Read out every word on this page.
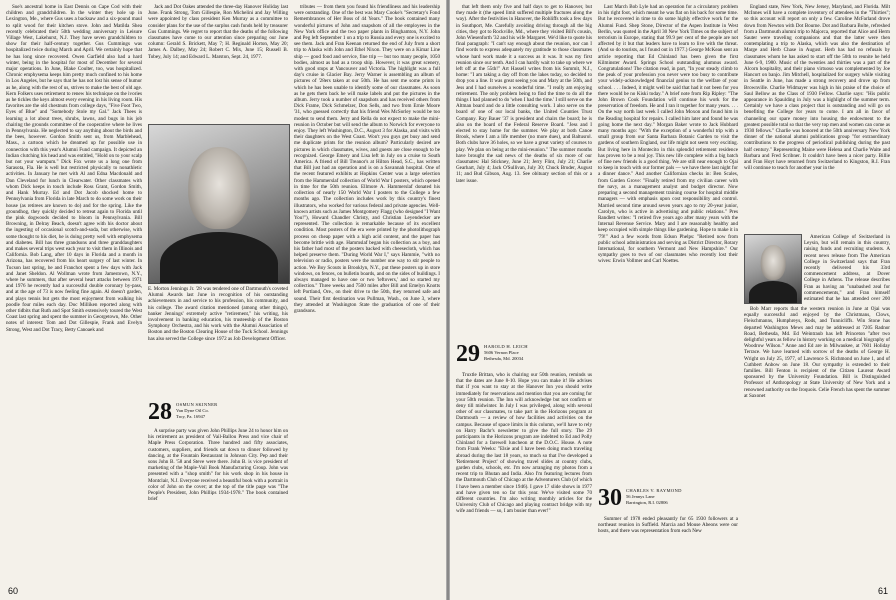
Sue's ancestral home in East Dennis on Cape Cod with their children and grandchildren. In the winter they hole up in Lexington, Me., where Gus uses a backsaw and a six-pound maul to split wood for their kitchen stove. John and Matilda Shea recently celebrated their 50th wedding anniversary in Leisure Village West, Lakehurst, N.J. They have seven grandchildren to show for their half-century together. Gus Cummings was hospitalized twice during March and April. We certainly hope that he has long since recovered. Owen Garfield also had a hard winter, being in the hospital for most of December for several major operations. In June, Blake Coulter, too, was hospitalized. Chronic emphysema keeps him pretty much confined to his home in Los Angeles, but he says that he has not lost his sense of humor as he, along with the rest of us, strives to make the best of old age. Kern Folkers uses retirement to renew his technique on the ivories as he tickles the keys almost every evening in his living room. His favorites are the old chestnuts from college days, "Five Foot Two, Eyes of Blue" and "Somebody Stole my Gal." Jack Thees is learning a lot about trees, shrubs, lawns, and bugs in his job chairing the grounds committee of the cooperative where he lives in Pennsylvania. He neglected to say anything about the birds and the bees, however. Gordon Smith sent us, from Marblehead, Mass., a cartoon which he dreamed up for possible use in connection with this year's Alumni Fund campaign. It depicted an Indian clutching his head and was entitled, "Hold on to your scalp but not your wampum." Dick Fox wrote us a long one from Sarasota, Fla. He is well but restricted physically to nonathletic activities. In January he met with Al and Edna Macdonald and Dan Cleveland for lunch in Clearwater. Other classmates with whom Dick keeps in touch include Ross Grant, Gordon Smith, and Hank Murray. Ed and Dot Jacob shocked home to Pennsylvania from Florida in late March to do some work on their house (as retirees are known to do) and for the spring. Like the groundhog, they quickly decided to retreat again to Florida until the pink dogwoods decided to bloom in Pennsylvania. Bill Browning, in Delray Beach, doesn't agree with his doctor about the ingesting of occasional scotch-and-soda, but otherwise, with some thought to his diet, he is doing pretty well with emphysema and diabetes. Bill has three grandsons and three granddaughters and makes several trips west each year to visit them in Illinois and California. Bob Lang, after 10 days in Florida and a month in Arizona, has recovered from his heart surgery of last winter. In Tucson last spring, he and Franchot spent a few days with Jack and Janet Sheldon. Al Wollman wrote from Jamestown, N.Y., where he summers, that after several heart attacks between 1971 and 1976 he recently had a successful double coronary by-pass, and at the age of 73 is now feeling fine again. Al doesn't garden, and plays tennis but gets the most enjoyment from walking his poodle four miles each day. Doc Milliken reported along with other tidbits that Ruth and Spot Smith extensively toured the West Coast last spring and spent the summer in Georgetown, Me. Other notes of interest: Tom and Dot Gillespie, Frank and Evelyn Strong, West and Dot Tracy, Betty Canoaek and

Jack and Dot Oakes attended the three-day Hanover Holiday last June. Frank Strong, Tom Gillespie, Ron Michelini and Jay Willing were appointed by class president Ken Murray as a committee to consider plans for the use of the surplus cash funds held by treasurer Gus Cummings. We regret to report that the deaths of the following classmates have come to our attention since preparing our June column: Gerald S. Brickett, May 7; H. Reginald Horton, May 20; James A. Dalbey, May 24; Robert C. Mix, June 15; Russell B. Tobey, July 14; and Edward L. Marston, Sept. 24, 1977.

E. Morton Jennings Jr. '28 was tendered one of Dartmouth's coveted Alumni Awards last June in recognition of his outstanding achievements in and service to his profession, his community, and his college. The award citation mentioned (among other things), banker Jennings' extremely active "retirement," his writing, his involvement in banking education, his trusteeship of the Boston Symphony Orchestra, and his work with the Alumni Association of Boston and the Boston Clearing House of the Tuck School. Jennings has also served the College since 1972 as Job Development Officer.

28 OSMUN SKINNER
Van Dyne Oil Co.
Troy, Pa. 16947

A surprise party was given John Phillips June 24 to honor him on his retirement as president of Vail-Ballou Press and vice chair of Maple Press Corporation. Three hundred and fifty associates, customers, suppliers, and friends sat down to dinner followed by dancing, at the Fountain Restaurant in Johnson City. Pep and their sons John B. '58 and Steve were there. John B. is vice president of marketing of the Maple-Vail Book Manufacturing Group. John was presented with a "shop smith" for his work shop in his house in Montclair, N.J. Everyone received a beautiful book with a portrait in color of John on the cover; at the top of the title page was "The People's President, John Phillips 1934-1978." The book contained brief

tributes — from them you found his friendliness and his leadership were outstanding. One of the best was Mary Cooke's "Secretary's Fond Remembrances of Her Boss of 44 Years." The book contained many wonderful pictures of John and snapshots of all the employees in the New York office and the two paper plants in Binghamton, N.Y. John and Peg left September 1 on a trip to Russia and every one is excited to see them. Jack and Fran Keenan returned the end of July from a short trip to Alaska with John and Ethel Nixon. They were on a Kimar Line ship — good food and service, fine trip — but too many people, 1050 bodies, almost as bad as a troop ship. However, it was great scenery, with good stops at Vancouver and Victoria. The highlight was a full day's cruise in Glacier Bay. Jerry Warner is assembling an album of pictures of '28ers taken at our 50th. He has sent me some prints in which he has been unable to identify some of our classmates. As soon as he gets them back he will make labels and put the pictures in the album. Jerry took a number of snapshots and has received others from Dick Frame, Dick Schmelzer, Don Sells, and two from Ernie Moore '31, who guessed correctly that his friend Wes McSorley would be too modest to send them. Jerry and Rella do not expect to make the mini-reunion in October but will send the album to Norwich for everyone to enjoy. They left Washington, D.C., August 3 for Alaska, and visits with their daughters on the West Coast. Won't you guys get busy and send me duplicate prints for the reunion album? Particularly desired are pictures in which classmates, wives, and guests are close enough to be recognized. George Emery and Lisa left in July on a cruise to South America. A friend of Bill Treanor's at Hilton Head, S.C., has written that Bill just had an operation and is on a Savannah hospital. One of the recent featured exhibits at Hopkins Center was a large selection from the Hammerslaf collection of World War I posters, which opened in time for the 50th reunion. Ellmore A. Hammerslaf donated his collection of nearly 150 World War I posters to the College a few months ago. The collection includes work by this country's finest illustrators, who worked for various federal and private agencies. Well-known artists such as James Montgomery Flagg (who designed "I Want You!"), Howard Chandler Christy, and Christian Leyendecker are represented. The collection is remarkable because of its excellent condition. Most posters of the era were printed by the photolithograph process on cheap paper with a high acid content, and the paper has become brittle with age. Hammslaf began his collection as a boy, and his father had most of the posters backed with cheesecloth, which has helped preserve them. "During World War I," says Hammie, "with no television or radio, posters were the number one way to stir people to action. We Boy Scouts in Brooklyn, N.Y., put these posters up in store windows, on fences, on bulletin boards, and on the sides of buildings. I always managed to have one or two 'leftovers,' and so started my collection." Three weeks and 7500 miles after Bill and Emelyn Knotts left Portland, Ore., on their drive to the 50th, they returned safe and sound. Their first destination was Pullman, Wash., on June 3, where they attended at Washington State the graduation of one of their grandsons.

60

that left them only five and half days to get to Hanover, but they made it (the speed limit suffered multiple fractures along the way). After the festivities in Hanover, the Rohliffs took a few days in Southport, Me. Carefully avoiding driving through all the big cities, they got to Rockville, Md., where they visited Bill's cousin, John Wiesenforth '32 and his wife Margaret. We'd like to quote his final paragraph: "I can't say enough about the reunion, nor can I find words to express adequately my gratitude to those classmates whose hard work made it a success as it was. It was my first reunion since our tenth. And I can hardly wait to take up where we left off at the 55th!" Art Hassell writes from his Summit, N.J., home: "I am taking a day off from the lakes today, so decided to drop you a line. It was great seeing you and Mary at the 50th, and Jess and I had ourselves a wonderful time. "I really am enjoying retirement. The only problem being to find the time to do all the things I had planned to do 'when I had the time.' I still serve on the Altman board and do a little consulting work. I also serve on the board of one of our local banks, the United Counties Trust Company. Ray Bauer '37 is president and chairs the board; he is also on the board of the Federal Reserve Board. "Jess and I elected to stay home for the summer. We play at both Canoe Brook, where I am a life member (no more dues), and Baltusrol. Both clubs have 36 holes, so we have a great variety of courses to play. We plan on being at the mini-reunion." The summer months have brought the sad news of the deaths of six more of our classmates: Hal Stickney, June 21; Jerry Flint, July 21; Charlie Gearhart, July 4; Jack O'Sullivan, July 30; Chuck Bruder, August 11; and Bud Gibson, Aug. 13. See obituary section of this or a later issue.

29 HAROLD H. LEICH
5606 Vernon Place
Bethesda, Md. 20034

Truxtle Brittan, who is chairing our 50th reunion, reminds us that the dates are June 8-10. Hope you can make it! He advises that if you want to stay at the Hanover Inn you should write immediately for reservations and mention that you are coming for your 50th reunion. The Inn will acknowledge but not confirm or deny till midwinter. In July I was privileged, along with several other of our classmates, to take part in the Horizons program at Dartmouth — a review of how facilities and activities on the campus. Because of space limits in this column, we'll have to rely on Harry Bachr's newsletter to give the full story. The 29 participants in the Horizons program are indebted to Ed and Polly Chinland for a farewell luncheon at the D.O.C. House. A note from Frank Weeks: "Elsie and I have been doing much traveling abroad during the last 18 years, so much so that I've developed a 'Retirement Project' of showing travel slides at country clubs, garden clubs, schools, etc. I'm now arranging my photos from a recent trip to Bhutan and India. Also I'm featuring lectures from the Dartmouth Club of Chicago at the Adventurers Club (of which I have been a member since 1946). I gave 17 slide shows in 1977 and have given ten so far this year. We've visited some 70 different countries. I'm also writing monthly articles for the University Club of Chicago and playing contract bridge with my wife and friends — so, I am busier than ever!"

Last March Bob Lyle had an operation for a circulatory problem in his right foot, which meant he was flat on his back for some time. But he recovered in time to do some highly effective work for the Alumni Fund. Shep Stone, Director of the Aspen Institute in West Berlin, was quoted in the April 30 New York Times on the subject of terrorism in Europe, stating that 99.9 per cent of the people are not affected by it but that leaders have to learn to live with the threat. (And so do tourists, as I found out in 1977.) George McKean sent an article reporting that Ed Chinland has been given the first Kilminster Award. Springs School outstanding alumnus award. Congratulations! The citation read, in part, "In your steady climb to the peak of your profession you never were too busy to contribute your widely-acknowledged financial genius to the welfare of your school. . . . Indeed, it might well be said that had it not been for you there would be no Kiski today." A brief note from Rip Ripley: "The John Brown Cook Foundation will continue his work for the preservation of freedom. He and I ran it together for many years. . . . On the way north last week I called John Moxon and found him in the Reading hospital for repairs. I called him later and found he was going home the next day." Morgan Baker wrote to Jack Hubbard many months ago: "With the exception of a wonderful trip with a small group from our Santa Barbara Botanic Garden to visit the gardens of southern England, our life might not seem very exciting. But living here in Montecito in this splendid retirement residence has proven to be a real joy. This new life complete with a big batch of fine new friends is a good thing. We are still near enough to Ojai to keep in touch with our former pals — we have there last night for a dinner dance." And another Californian checks in: Ben Scales, from Garden Grove: "Finally retired from my civilian career with the navy, as a management analyst and budget director. Now preparing a second management training course for hospital middle managers — with emphasis upon cost responsibility and control. Married second time around seven years ago to my 20-year junior, Carolyn, who is active in advertising and public relations." Pres Randlett writes: "I retired five years ago after many years with the Internal Revenue Service. Mary and I are reasonably healthy and keep occupied with simple things like gardening. Hope to make it in '79!" And a few words from Edson Phelps: "Retired now from public school administration and serving as District Director, Rotary International, for southern Vermont and New Hampshire." Our sympathy goes to two of our classmates who recently lost their wives: Erwin Vollmer and Carl Noettes.

30 CHARLES V. RAYMOND
56 Jennys Lane
Barrington, R.I. 02806

Summer of 1978 ended pleasantly for 65 1930 followers at a northeast reunion in Suffield. Marcia and Mouse Abeons were our hosts, and there was representation from each New

England state, New York, New Jersey, Maryland, and Florida. Milt McInnes will have a complete inventory of attendees in the "Thirties"; so this account will report on only a few. Caroline McFarland drove down from Newton with Dot Bourne. Dot and Barbara Bolte, refreshed from a Dartmouth alumni trip to Majorca, reported that Alice and Herm Sauter were traveling companions and that the latter were then contemplating a trip to Alaska, which was also the destination of Marge and Herb Chase in August. Herb has had no refusals by classmates whom he has asked to start off the 50th to reunite he held June 6-9, 1980. Music of the twenties and thirties was a part of the Alcorn hospitality, and their piano virtuoso was complemented by Joe Hancort on banjo. Jim Mitchell, hospitalized for surgery while visiting in Seattle in June, has made a strong recovery and drove up from Brownville. Charlie Widmayer was high in his praise of the choice of Saul Bellow as the Class of 1930 Fellow. Charlie says: "His public appearance in Spaulding in July was a highlight of the summer term. Certainly we have a class project that is outstanding and will go on benefiting the College for years to come. I am all in favor of channeling our spare money into housing the endowment to the greatest possible total so that the very top men and women can come as 1930 fellows." Charlie was honored at the 50th anniversary New York dinner of the national alumni publications group "for extraordinary contributions to the progress of periodical publishing during the past half century." Representing Maine were Helena and Charlie Waite and Barbara and Fred Scribner. It couldn't have been a nicer party. Billie and Fran Hoyt have returned from Switzerland to Kingston, R.I. Fran will continue to teach for another year in the

American College of Switzerland in Leysin, but will remain in this country, raising funds and recruiting students. A recent news release from The American College in Switzerland says that Fran recently delivered his 33rd commencement address, at Dover College in Athens. The release describes Fran as having an "unabashed zeal for commencements," and Fran himself estimated that he has attended over 200

Bob Marr reports that the western reunion in June at Ojai was equally successful and enjoyed by the Christmans, Clows, Fleischmanns, Humphreys, Rods, and Tunnicliffs. Win Stone has departed Washington Mews and may be addressed at 7205 Radnor Road, Bethesda, Md. Ed Weintraub has left Princeton "after two delightful years as fellow in history working on a medical biography of Woodrow Wilson." Anne and Ed are in Milwaukee, at 7601 Holiday Terrace. We have learned with sorrow of the deaths of George H. Wright on July 25, 1977, of Lawrence S. Richmond on June 1, and of Cuthbert Anbow on June 18. Our sympathy is extended to their families. Bill Fenton is recipient of the Citizen Laureat Award sponsored by the University Foundation. Bill is Distinguished Professor of Anthropology at State University of New York and a renowned authority on the Iroquois. Celie French has spent the summer at Saxonet

61
